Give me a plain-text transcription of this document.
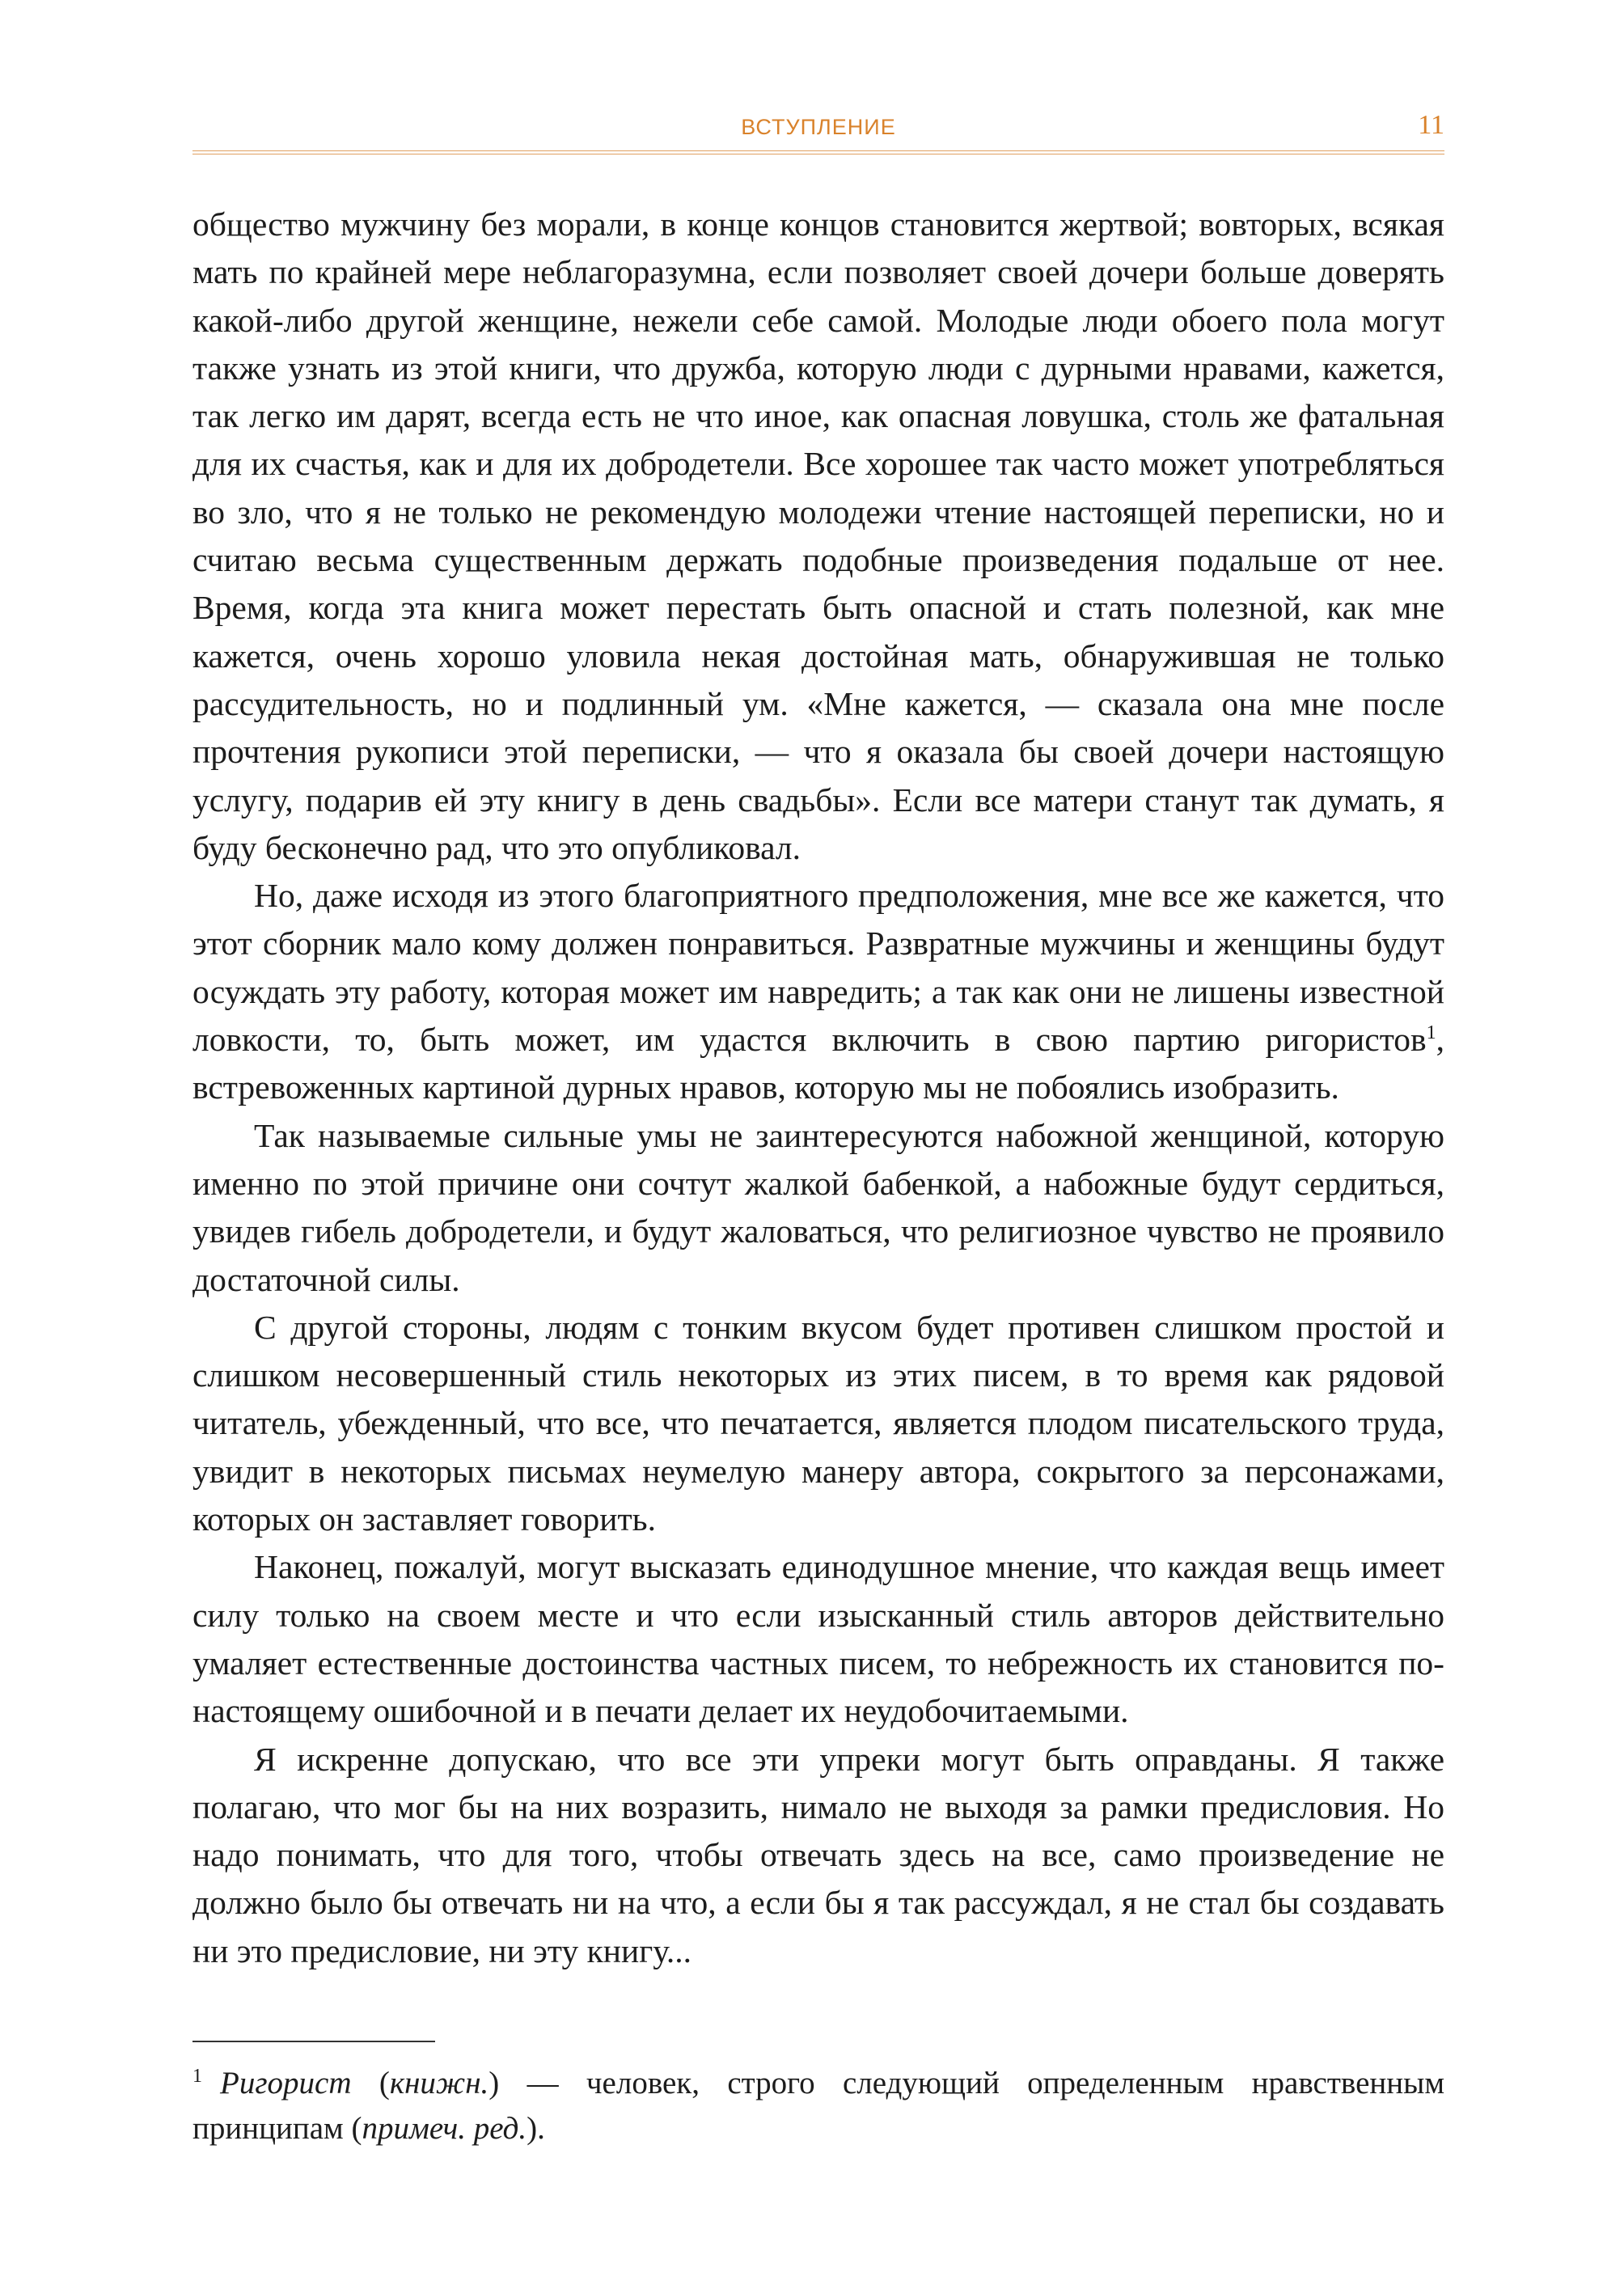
ВСТУПЛЕНИЕ	11

общество мужчину без морали, в конце концов становится жертвой; вовторых, всякая мать по крайней мере неблагоразумна, если позволяет своей дочери больше доверять какой-либо другой женщине, нежели себе самой. Молодые люди обоего пола могут также узнать из этой книги, что дружба, которую люди с дурными нравами, кажется, так легко им дарят, всегда есть не что иное, как опасная ловушка, столь же фатальная для их счастья, как и для их добродетели. Все хорошее так часто может употребляться во зло, что я не только не рекомендую молодежи чтение настоящей переписки, но и считаю весьма существенным держать подобные произведения подальше от нее. Время, когда эта книга может перестать быть опасной и стать полезной, как мне кажется, очень хорошо уловила некая достойная мать, обнаружившая не только рассудительность, но и подлинный ум. «Мне кажется, — сказала она мне после прочтения рукописи этой переписки, — что я оказала бы своей дочери настоящую услугу, подарив ей эту книгу в день свадьбы». Если все матери станут так думать, я буду бесконечно рад, что это опубликовал.

Но, даже исходя из этого благоприятного предположения, мне все же кажется, что этот сборник мало кому должен понравиться. Развратные мужчины и женщины будут осуждать эту работу, которая может им навредить; а так как они не лишены известной ловкости, то, быть может, им удастся включить в свою партию ригористов$^1$, встревоженных картиной дурных нравов, которую мы не побоялись изобразить.

Так называемые сильные умы не заинтересуются набожной женщиной, которую именно по этой причине они сочтут жалкой бабенкой, а набожные будут сердиться, увидев гибель добродетели, и будут жаловаться, что религиозное чувство не проявило достаточной силы.

С другой стороны, людям с тонким вкусом будет противен слишком простой и слишком несовершенный стиль некоторых из этих писем, в то время как рядовой читатель, убежденный, что все, что печатается, является плодом писательского труда, увидит в некоторых письмах неумелую манеру автора, сокрытого за персонажами, которых он заставляет говорить.

Наконец, пожалуй, могут высказать единодушное мнение, что каждая вещь имеет силу только на своем месте и что если изысканный стиль авторов действительно умаляет естественные достоинства частных писем, то небрежность их становится по-настоящему ошибочной и в печати делает их неудобочитаемыми.

Я искренне допускаю, что все эти упреки могут быть оправданы. Я также полагаю, что мог бы на них возразить, нимало не выходя за рамки предисловия. Но надо понимать, что для того, чтобы отвечать здесь на все, само произведение не должно было бы отвечать ни на что, а если бы я так рассуждал, я не стал бы создавать ни это предисловие, ни эту книгу...

$^1$ Ригорист (книжн.) — человек, строго следующий определенным нравственным принципам (примеч. ред.).
